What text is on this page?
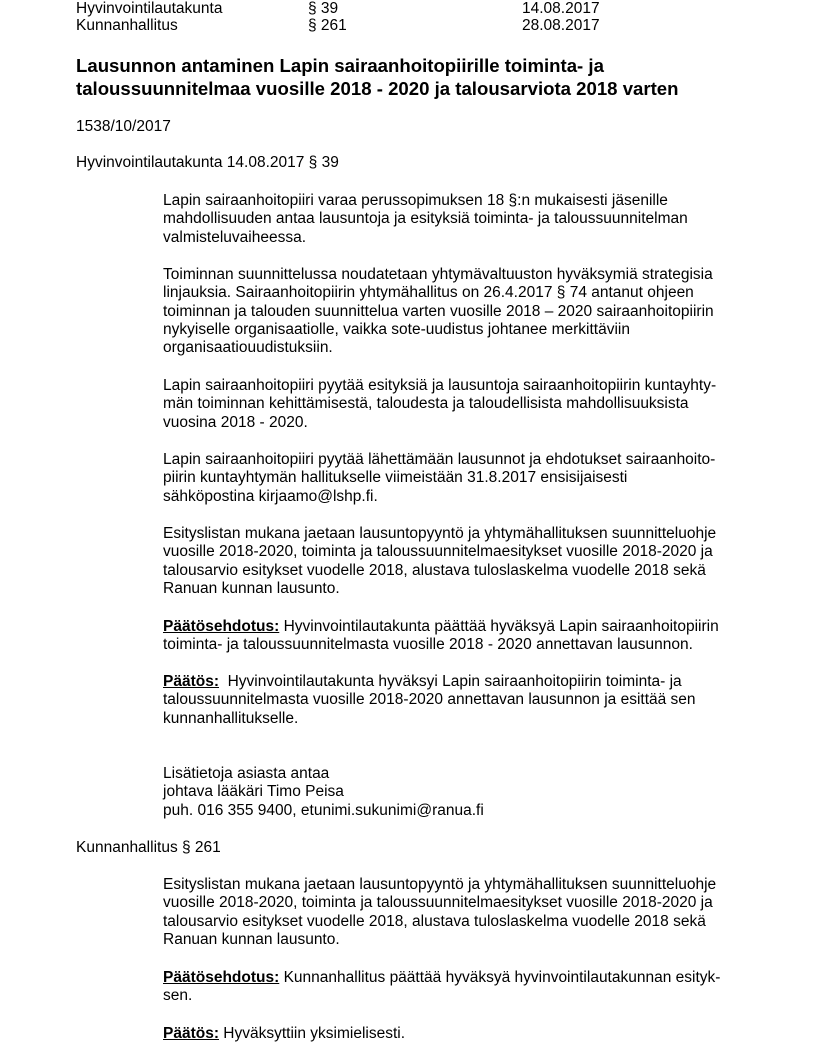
Hyvinvointilautakunta	§ 39	14.08.2017
Kunnanhallitus	§ 261	28.08.2017
Lausunnon antaminen Lapin sairaanhoitopiirille toiminta- ja
taloussuunnitelmaa vuosille 2018 - 2020 ja talousarviota 2018 varten
1538/10/2017
Hyvinvointilautakunta 14.08.2017 § 39
Lapin sairaanhoitopiiri varaa perussopimuksen 18 §:n mukaisesti jäsenille
mahdollisuuden antaa lausuntoja ja esityksiä toiminta- ja taloussuunnitelman
valmisteluvaiheessa.
Toiminnan suunnittelussa noudatetaan yhtymävaltuuston hyväksymiä strategisia
linjauksia. Sairaanhoitopiirin yhtymähallitus on 26.4.2017 § 74 antanut ohjeen
toiminnan ja talouden suunnittelua varten vuosille 2018 – 2020 sairaanhoitopiirin
nykyiselle organisaatiolle, vaikka sote-uudistus johtanee merkittäviin
organisaatiouudistuksiin.
Lapin sairaanhoitopiiri pyytää esityksiä ja lausuntoja sairaanhoitopiirin kuntayhty-
män toiminnan kehittämisestä, taloudesta ja taloudellisista mahdollisuuksista
vuosina 2018 - 2020.
Lapin sairaanhoitopiiri pyytää lähettämään lausunnot ja ehdotukset sairaanhoito-
piirin kuntayhtymän hallitukselle viimeistään 31.8.2017 ensisijaisesti
sähköpostina kirjaamo@lshp.fi.
Esityslistan mukana jaetaan lausuntopyyntö ja yhtymähallituksen suunnitteluohje
vuosille 2018-2020, toiminta ja taloussuunnitelmaesitykset vuosille 2018-2020 ja
talousarvio esitykset vuodelle 2018, alustava tuloslaskelma vuodelle 2018 sekä
Ranuan kunnan lausunto.
Päätösehdotus: Hyvinvointilautakunta päättää hyväksyä Lapin sairaanhoitopiirin
toiminta- ja taloussuunnitelmasta vuosille 2018 - 2020 annettavan lausunnon.
Päätös:  Hyvinvointilautakunta hyväksyi Lapin sairaanhoitopiirin toiminta- ja
taloussuunnitelmasta vuosille 2018-2020 annettavan lausunnon ja esittää sen
kunnanhallitukselle.
Lisätietoja asiasta antaa
johtava lääkäri Timo Peisa
puh. 016 355 9400, etunimi.sukunimi@ranua.fi
Kunnanhallitus § 261
Esityslistan mukana jaetaan lausuntopyyntö ja yhtymähallituksen suunnitteluohje
vuosille 2018-2020, toiminta ja taloussuunnitelmaesitykset vuosille 2018-2020 ja
talousarvio esitykset vuodelle 2018, alustava tuloslaskelma vuodelle 2018 sekä
Ranuan kunnan lausunto.
Päätösehdotus: Kunnanhallitus päättää hyväksyä hyvinvointilautakunnan esityk-
sen.
Päätös: Hyväksyttiin yksimielisesti.
